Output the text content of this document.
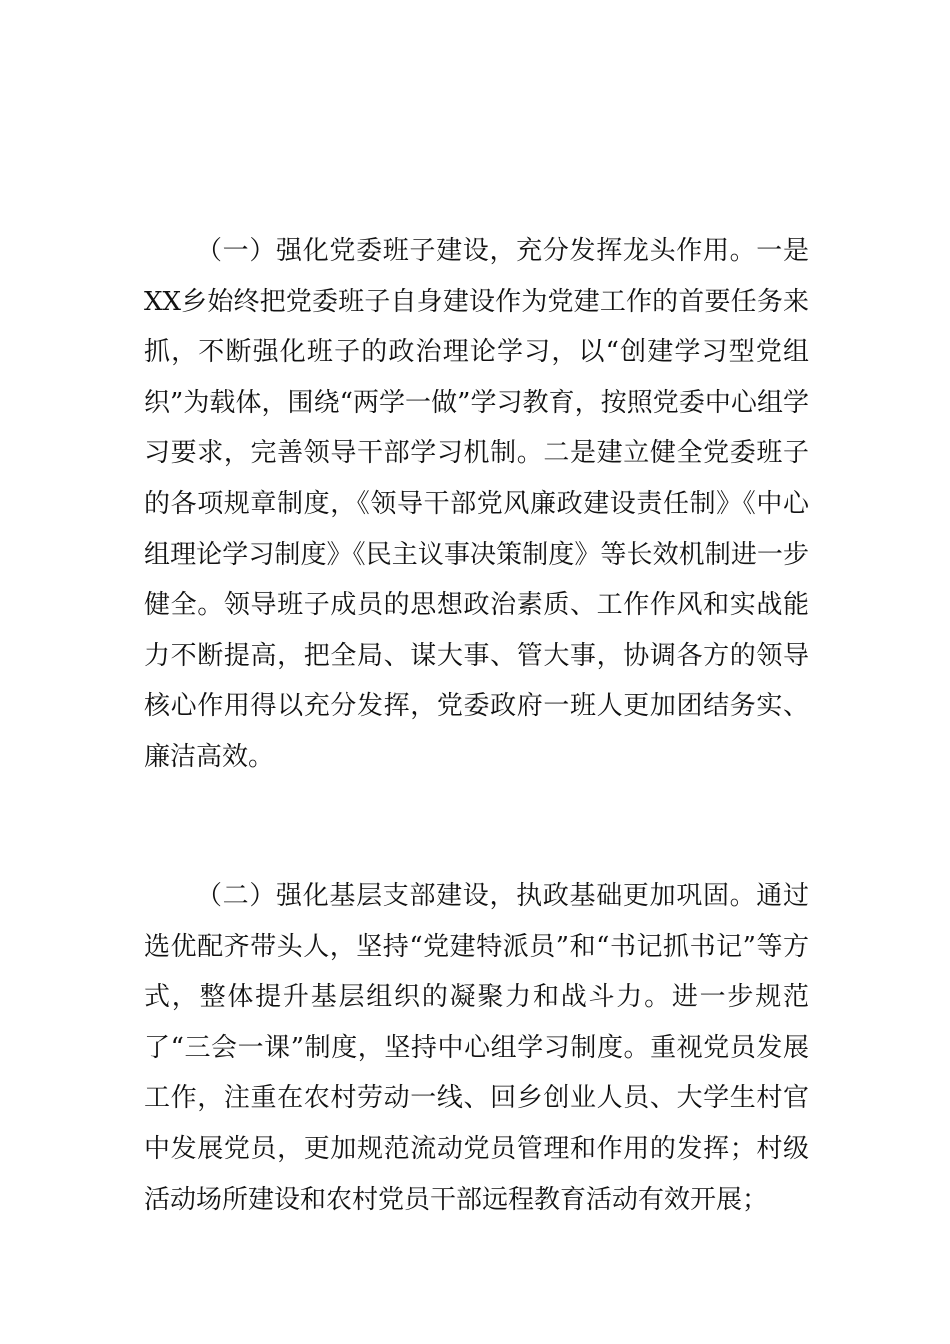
（一）强化党委班子建设，充分发挥龙头作用。一是XX乡始终把党委班子自身建设作为党建工作的首要任务来抓，不断强化班子的政治理论学习，以“创建学习型党组织”为载体，围绕“两学一做”学习教育，按照党委中心组学习要求，完善领导干部学习机制。二是建立健全党委班子的各项规章制度，《领导干部党风廉政建设责任制》《中心组理论学习制度》《民主议事决策制度》等长效机制进一步健全。领导班子成员的思想政治素质、工作作风和实战能力不断提高，把全局、谋大事、管大事，协调各方的领导核心作用得以充分发挥，党委政府一班人更加团结务实、廉洁高效。

（二）强化基层支部建设，执政基础更加巩固。通过选优配齐带头人，坚持“党建特派员”和“书记抓书记”等方式，整体提升基层组织的凝聚力和战斗力。进一步规范了“三会一课”制度，坚持中心组学习制度。重视党员发展工作，注重在农村劳动一线、回乡创业人员、大学生村官中发展党员，更加规范流动党员管理和作用的发挥；村级活动场所建设和农村党员干部远程教育活动有效开展；
